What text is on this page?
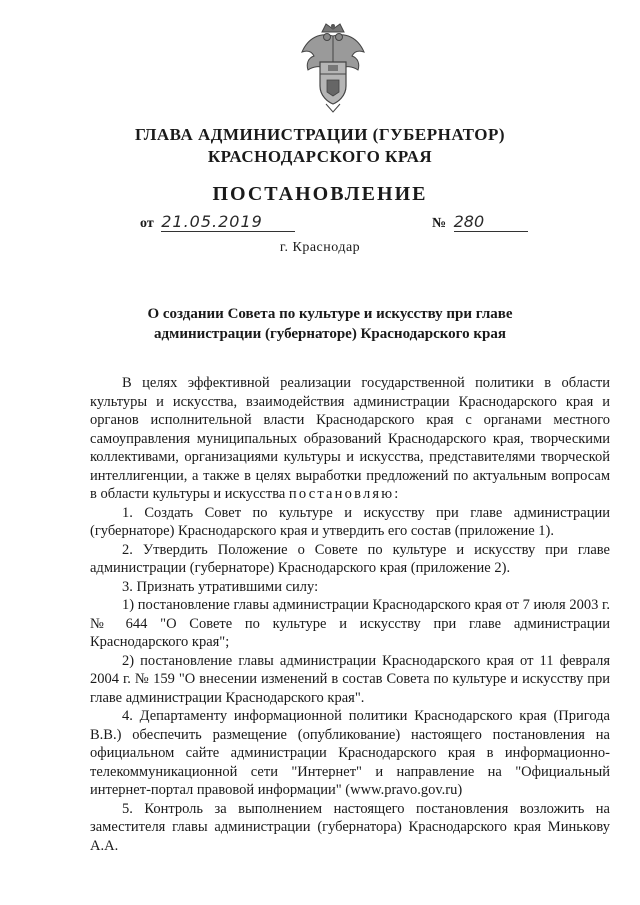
ГЛАВА АДМИНИСТРАЦИИ (ГУБЕРНАТОР)
КРАСНОДАРСКОГО КРАЯ
ПОСТАНОВЛЕНИЕ
от 21.05.2019	№ 280
г. Краснодар
О создании Совета по культуре и искусству при главе
администрации (губернаторе) Краснодарского края

В целях эффективной реализации государственной политики в области культуры и искусства, взаимодействия администрации Краснодарского края и органов исполнительной власти Краснодарского края с органами местного самоуправления муниципальных образований Краснодарского края, творческими коллективами, организациями культуры и искусства, представителями творческой интеллигенции, а также в целях выработки предложений по актуальным вопросам в области культуры и искусства постановляю:

1. Создать Совет по культуре и искусству при главе администрации (губернаторе) Краснодарского края и утвердить его состав (приложение 1).

2. Утвердить Положение о Совете по культуре и искусству при главе администрации (губернаторе) Краснодарского края (приложение 2).

3. Признать утратившими силу:

1) постановление главы администрации Краснодарского края от 7 июля 2003 г. № 644 "О Совете по культуре и искусству при главе администрации Краснодарского края";

2) постановление главы администрации Краснодарского края от 11 февраля 2004 г. № 159 "О внесении изменений в состав Совета по культуре и искусству при главе администрации Краснодарского края".

4. Департаменту информационной политики Краснодарского края (Пригода В.В.) обеспечить размещение (опубликование) настоящего постановления на официальном сайте администрации Краснодарского края в информационно-телекоммуникационной сети "Интернет" и направление на "Официальный интернет-портал правовой информации" (www.pravo.gov.ru)

5. Контроль за выполнением настоящего постановления возложить на заместителя главы администрации (губернатора) Краснодарского края Минькову А.А.
